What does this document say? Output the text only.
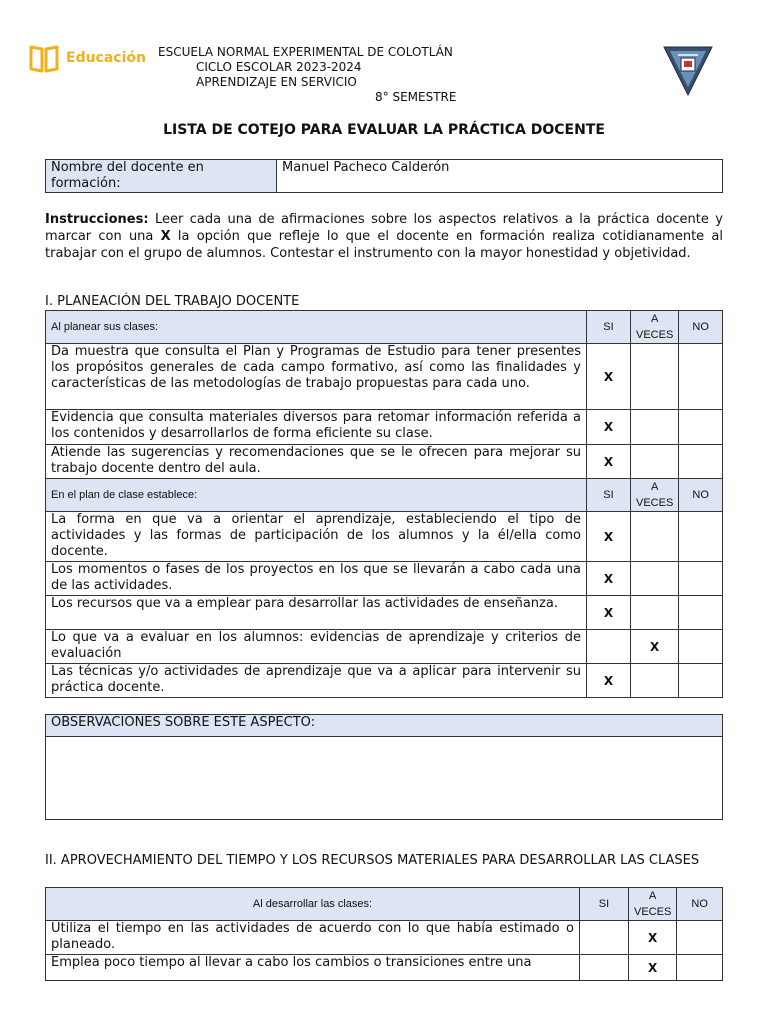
Educación ESCUELA NORMAL EXPERIMENTAL DE COLOTLÁN
CICLO ESCOLAR 2023-2024
APRENDIZAJE EN SERVICIO
8° SEMESTRE
LISTA DE COTEJO PARA EVALUAR LA PRÁCTICA DOCENTE
Nombre del docente en formación:	Manuel Pacheco Calderón
Instrucciones: Leer cada una de afirmaciones sobre los aspectos relativos a la práctica docente y marcar con una X la opción que refleje lo que el docente en formación realiza cotidianamente al trabajar con el grupo de alumnos. Contestar el instrumento con la mayor honestidad y objetividad.
I. PLANEACIÓN DEL TRABAJO DOCENTE
Al planear sus clases:	SI	A VECES	NO
Da muestra que consulta el Plan y Programas de Estudio para tener presentes los propósitos generales de cada campo formativo, así como las finalidades y características de las metodologías de trabajo propuestas para cada uno.	X		
Evidencia que consulta materiales diversos para retomar información referida a los contenidos y desarrollarlos de forma eficiente su clase.	X		
Atiende las sugerencias y recomendaciones que se le ofrecen para mejorar su trabajo docente dentro del aula.	X		
En el plan de clase establece:	SI	A VECES	NO
La forma en que va a orientar el aprendizaje, estableciendo el tipo de actividades y las formas de participación de los alumnos y la él/ella como docente.	X		
Los momentos o fases de los proyectos en los que se llevarán a cabo cada una de las actividades.	X		
Los recursos que va a emplear para desarrollar las actividades de enseñanza.	X		
Lo que va a evaluar en los alumnos: evidencias de aprendizaje y criterios de evaluación		X	
Las técnicas y/o actividades de aprendizaje que va a aplicar para intervenir su práctica docente.	X		
OBSERVACIONES SOBRE ESTE ASPECTO:

II. APROVECHAMIENTO DEL TIEMPO Y LOS RECURSOS MATERIALES PARA DESARROLLAR LAS CLASES
Al desarrollar las clases:	SI	A VECES	NO
Utiliza el tiempo en las actividades de acuerdo con lo que había estimado o planeado.		X	
Emplea poco tiempo al llevar a cabo los cambios o transiciones entre una		X	
